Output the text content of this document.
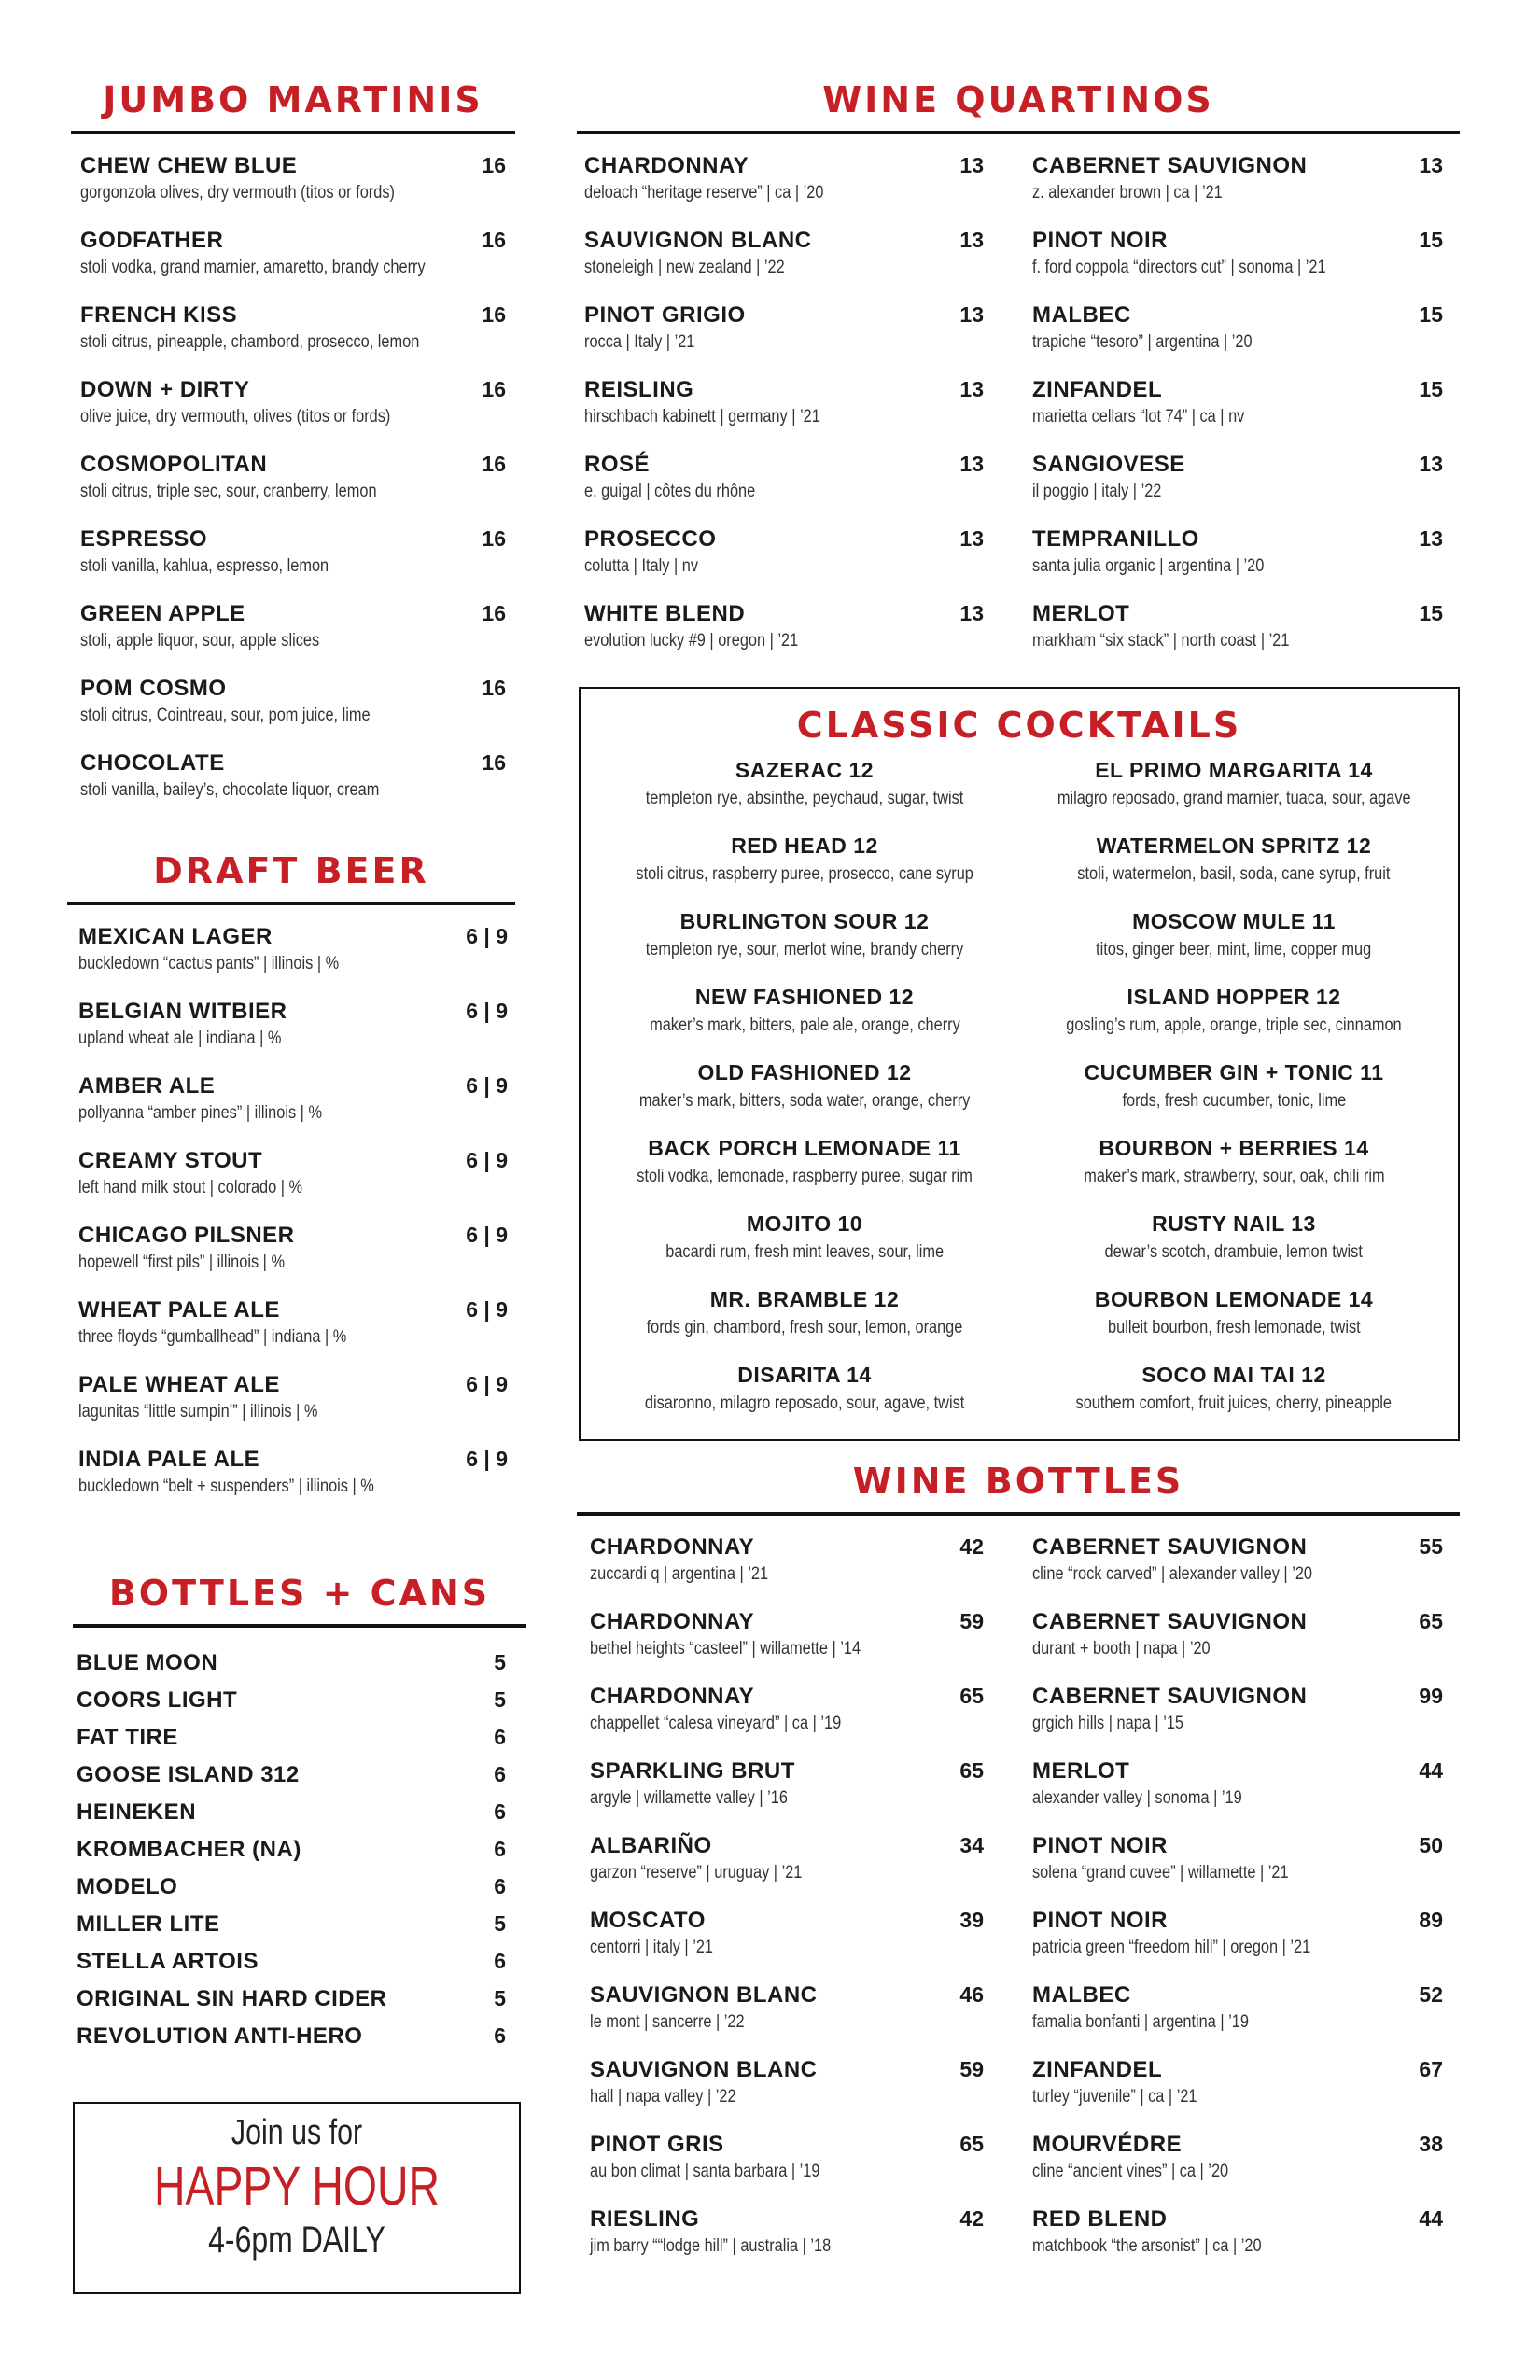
JUMBO MARTINIS
CHEW CHEW BLUE	16
gorgonzola olives, dry vermouth (titos or fords)
GODFATHER	16
stoli vodka, grand marnier, amaretto, brandy cherry
FRENCH KISS	16
stoli citrus, pineapple, chambord, prosecco, lemon
DOWN + DIRTY	16
olive juice, dry vermouth, olives (titos or fords)
COSMOPOLITAN	16
stoli citrus, triple sec, sour, cranberry, lemon
ESPRESSO	16
stoli vanilla, kahlua, espresso, lemon
GREEN APPLE	16
stoli, apple liquor, sour, apple slices
POM COSMO	16
stoli citrus, Cointreau, sour, pom juice, lime
CHOCOLATE	16
stoli vanilla, bailey’s, chocolate liquor, cream
DRAFT BEER
MEXICAN LAGER	6 | 9
buckledown “cactus pants” | illinois | %
BELGIAN WITBIER	6 | 9
upland wheat ale | indiana | %
AMBER ALE	6 | 9
pollyanna “amber pines” | illinois | %
CREAMY STOUT	6 | 9
left hand milk stout | colorado | %
CHICAGO PILSNER	6 | 9
hopewell “first pils” | illinois | %
WHEAT PALE ALE	6 | 9
three floyds “gumballhead” | indiana | %
PALE WHEAT ALE	6 | 9
lagunitas “little sumpin’” | illinois | %
INDIA PALE ALE	6 | 9
buckledown “belt + suspenders” | illinois | %
BOTTLES + CANS
BLUE MOON	5
COORS LIGHT	5
FAT TIRE	6
GOOSE ISLAND 312	6
HEINEKEN	6
KROMBACHER (NA)	6
MODELO	6
MILLER LITE	5
STELLA ARTOIS	6
ORIGINAL SIN HARD CIDER	5
REVOLUTION ANTI-HERO	6
Join us for
HAPPY HOUR
4-6pm DAILY
WINE QUARTINOS
CHARDONNAY	13
deloach “heritage reserve” | ca | ’20
SAUVIGNON BLANC	13
stoneleigh | new zealand | ’22
PINOT GRIGIO	13
rocca | Italy | ’21
REISLING	13
hirschbach kabinett | germany | ’21
ROSÉ	13
e. guigal | côtes du rhône
PROSECCO	13
colutta | Italy | nv
WHITE BLEND	13
evolution lucky #9 | oregon | ’21
CABERNET SAUVIGNON	13
z. alexander brown | ca | ’21
PINOT NOIR	15
f. ford coppola “directors cut” | sonoma | ’21
MALBEC	15
trapiche “tesoro” | argentina | ’20
ZINFANDEL	15
marietta cellars “lot 74” | ca | nv
SANGIOVESE	13
il poggio | italy | ’22
TEMPRANILLO	13
santa julia organic | argentina | ’20
MERLOT	15
markham “six stack” | north coast | ’21
CLASSIC COCKTAILS
SAZERAC 12
templeton rye, absinthe, peychaud, sugar, twist
RED HEAD 12
stoli citrus, raspberry puree, prosecco, cane syrup
BURLINGTON SOUR 12
templeton rye, sour, merlot wine, brandy cherry
NEW FASHIONED 12
maker’s mark, bitters, pale ale, orange, cherry
OLD FASHIONED 12
maker’s mark, bitters, soda water, orange, cherry
BACK PORCH LEMONADE 11
stoli vodka, lemonade, raspberry puree, sugar rim
MOJITO 10
bacardi rum, fresh mint leaves, sour, lime
MR. BRAMBLE 12
fords gin, chambord, fresh sour, lemon, orange
DISARITA 14
disaronno, milagro reposado, sour, agave, twist
EL PRIMO MARGARITA 14
milagro reposado, grand marnier, tuaca, sour, agave
WATERMELON SPRITZ 12
stoli, watermelon, basil, soda, cane syrup, fruit
MOSCOW MULE 11
titos, ginger beer, mint, lime, copper mug
ISLAND HOPPER 12
gosling’s rum, apple, orange, triple sec, cinnamon
CUCUMBER GIN + TONIC 11
fords, fresh cucumber, tonic, lime
BOURBON + BERRIES 14
maker’s mark, strawberry, sour, oak, chili rim
RUSTY NAIL 13
dewar’s scotch, drambuie, lemon twist
BOURBON LEMONADE 14
bulleit bourbon, fresh lemonade, twist
SOCO MAI TAI 12
southern comfort, fruit juices, cherry, pineapple
WINE BOTTLES
CHARDONNAY	42
zuccardi q | argentina | ’21
CHARDONNAY	59
bethel heights “casteel” | willamette | ’14
CHARDONNAY	65
chappellet “calesa vineyard” | ca | ’19
SPARKLING BRUT	65
argyle | willamette valley | ’16
ALBARIÑO	34
garzon “reserve” | uruguay | ’21
MOSCATO	39
centorri | italy | ’21
SAUVIGNON BLANC	46
le mont | sancerre | ’22
SAUVIGNON BLANC	59
hall | napa valley | ’22
PINOT GRIS	65
au bon climat | santa barbara | ’19
RIESLING	42
jim barry ““lodge hill” | australia | ’18
CABERNET SAUVIGNON	55
cline “rock carved” | alexander valley | ’20
CABERNET SAUVIGNON	65
durant + booth | napa | ’20
CABERNET SAUVIGNON	99
grgich hills | napa | ’15
MERLOT	44
alexander valley | sonoma | ’19
PINOT NOIR	50
solena “grand cuvee” | willamette | ’21
PINOT NOIR	89
patricia green “freedom hill” | oregon | ’21
MALBEC	52
famalia bonfanti | argentina | ’19
ZINFANDEL	67
turley “juvenile” | ca | ’21
MOURVÉDRE	38
cline “ancient vines” | ca | ’20
RED BLEND	44
matchbook “the arsonist” | ca | ’20
